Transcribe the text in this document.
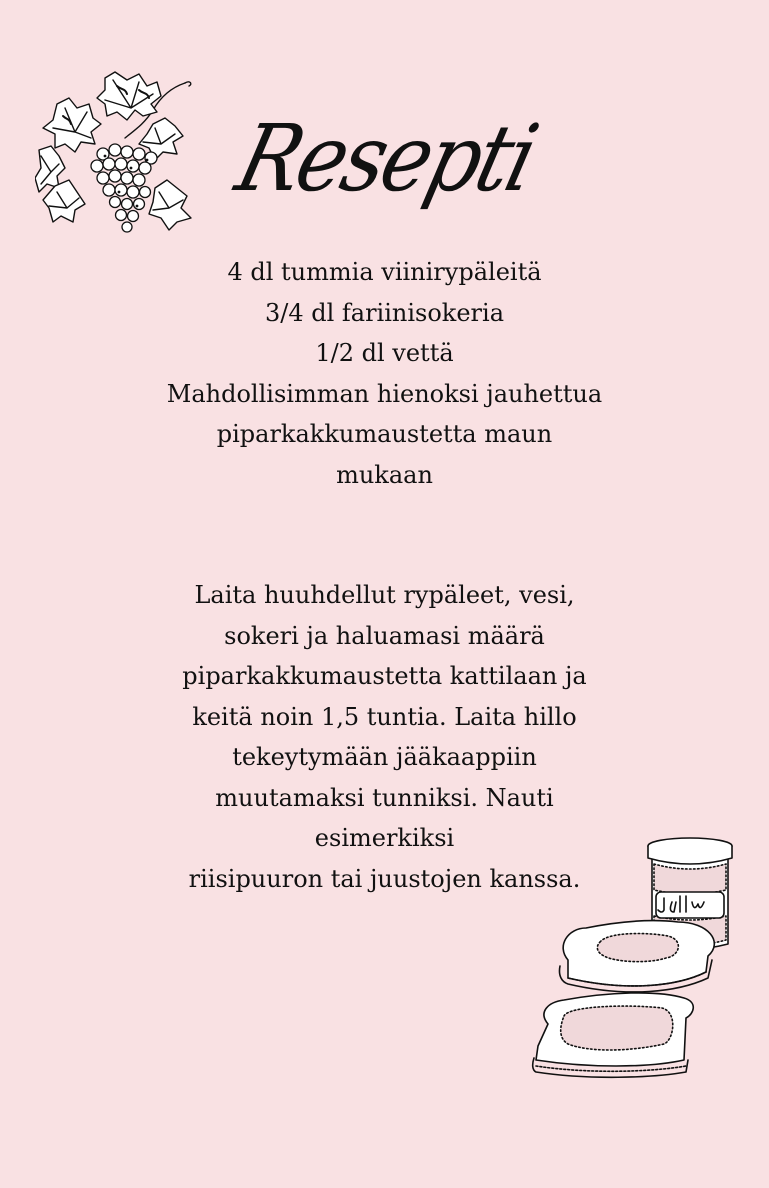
Resepti
4 dl tummia viinirypäleitä
3/4 dl fariinisokeria
1/2 dl vettä
Mahdollisimman hienoksi jauhettua
piparkakkumaustetta maun
mukaan
Laita huuhdellut rypäleet, vesi,
sokeri ja haluamasi määrä
piparkakkumaustetta kattilaan ja
keitä noin 1,5 tuntia. Laita hillo
tekeytymään jääkaappiin
muutamaksi tunniksi. Nauti
esimerkiksi
riisipuuron tai juustojen kanssa.
